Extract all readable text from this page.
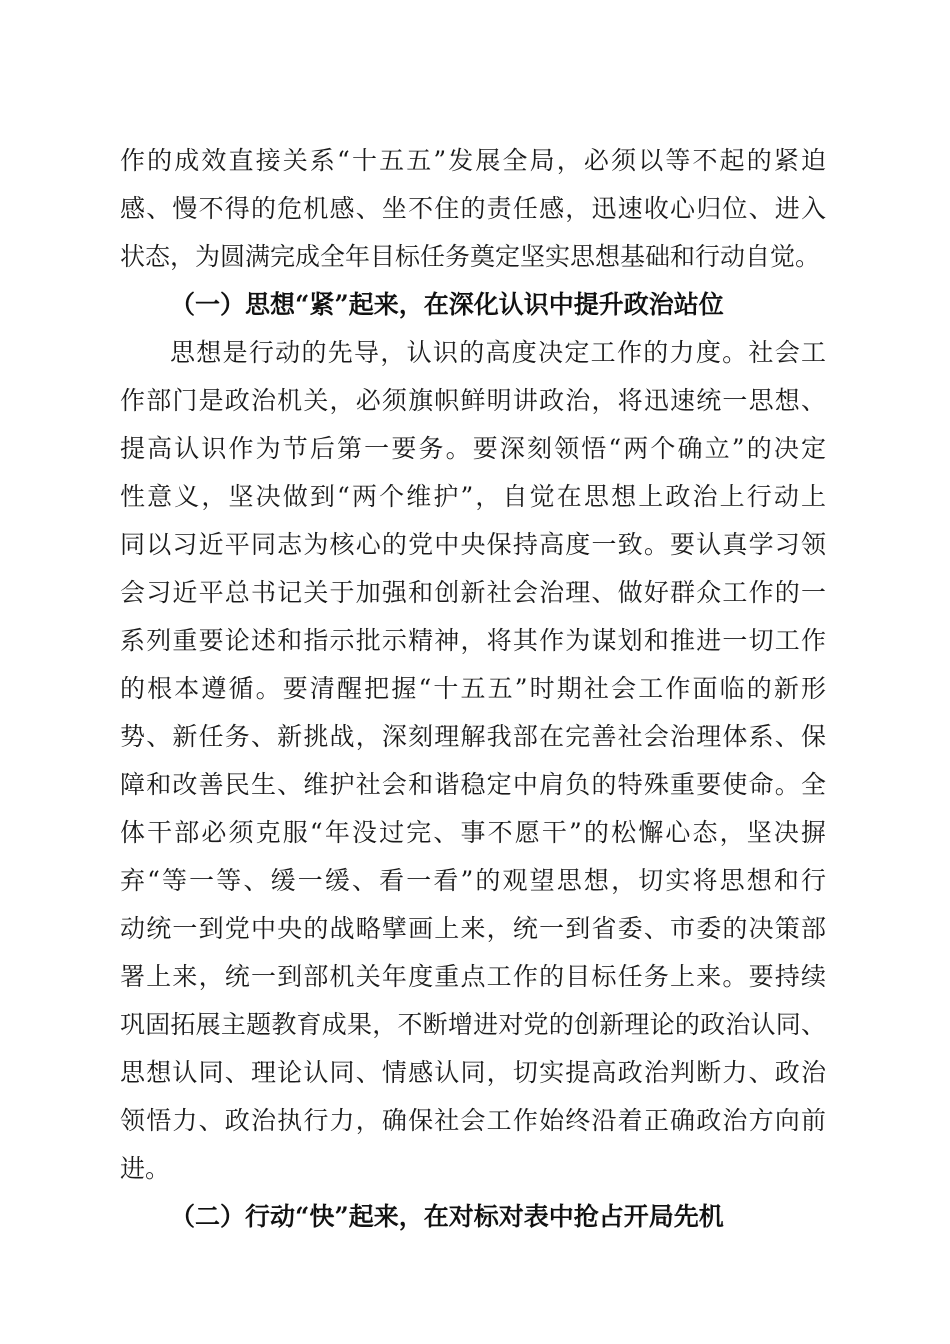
作的成效直接关系“十五五”发展全局，必须以等不起的紧迫
感、慢不得的危机感、坐不住的责任感，迅速收心归位、进入
状态，为圆满完成全年目标任务奠定坚实思想基础和行动自觉。
（一）思想“紧”起来，在深化认识中提升政治站位
思想是行动的先导，认识的高度决定工作的力度。社会工
作部门是政治机关，必须旗帜鲜明讲政治，将迅速统一思想、
提高认识作为节后第一要务。要深刻领悟“两个确立”的决定
性意义，坚决做到“两个维护”，自觉在思想上政治上行动上
同以习近平同志为核心的党中央保持高度一致。要认真学习领
会习近平总书记关于加强和创新社会治理、做好群众工作的一
系列重要论述和指示批示精神，将其作为谋划和推进一切工作
的根本遵循。要清醒把握“十五五”时期社会工作面临的新形
势、新任务、新挑战，深刻理解我部在完善社会治理体系、保
障和改善民生、维护社会和谐稳定中肩负的特殊重要使命。全
体干部必须克服“年没过完、事不愿干”的松懈心态，坚决摒
弃“等一等、缓一缓、看一看”的观望思想，切实将思想和行
动统一到党中央的战略擘画上来，统一到省委、市委的决策部
署上来，统一到部机关年度重点工作的目标任务上来。要持续
巩固拓展主题教育成果，不断增进对党的创新理论的政治认同、
思想认同、理论认同、情感认同，切实提高政治判断力、政治
领悟力、政治执行力，确保社会工作始终沿着正确政治方向前
进。
（二）行动“快”起来，在对标对表中抢占开局先机
